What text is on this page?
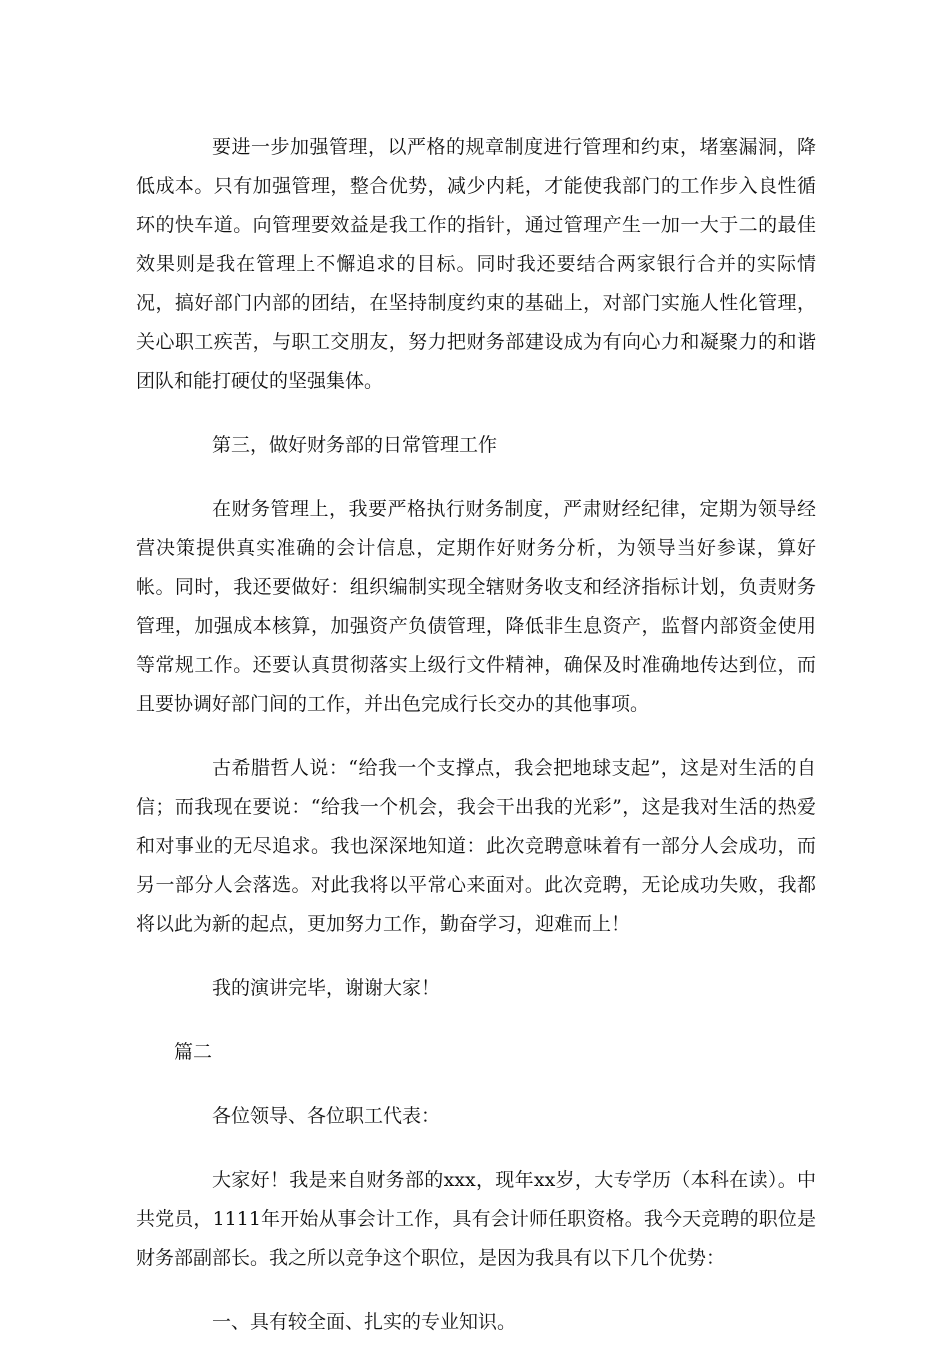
要进一步加强管理，以严格的规章制度进行管理和约束，堵塞漏洞，降低成本。只有加强管理，整合优势，减少内耗，才能使我部门的工作步入良性循环的快车道。向管理要效益是我工作的指针，通过管理产生一加一大于二的最佳效果则是我在管理上不懈追求的目标。同时我还要结合两家银行合并的实际情况，搞好部门内部的团结，在坚持制度约束的基础上，对部门实施人性化管理，关心职工疾苦，与职工交朋友，努力把财务部建设成为有向心力和凝聚力的和谐团队和能打硬仗的坚强集体。

第三，做好财务部的日常管理工作

在财务管理上，我要严格执行财务制度，严肃财经纪律，定期为领导经营决策提供真实准确的会计信息，定期作好财务分析，为领导当好参谋，算好帐。同时，我还要做好：组织编制实现全辖财务收支和经济指标计划，负责财务管理，加强成本核算，加强资产负债管理，降低非生息资产，监督内部资金使用等常规工作。还要认真贯彻落实上级行文件精神，确保及时准确地传达到位，而且要协调好部门间的工作，并出色完成行长交办的其他事项。

古希腊哲人说：“给我一个支撑点，我会把地球支起”，这是对生活的自信；而我现在要说：“给我一个机会，我会干出我的光彩”，这是我对生活的热爱和对事业的无尽追求。我也深深地知道：此次竞聘意味着有一部分人会成功，而另一部分人会落选。对此我将以平常心来面对。此次竞聘，无论成功失败，我都将以此为新的起点，更加努力工作，勤奋学习，迎难而上！

我的演讲完毕，谢谢大家！

篇二

各位领导、各位职工代表：

大家好！我是来自财务部的xxx，现年xx岁，大专学历（本科在读）。中共党员，1111年开始从事会计工作，具有会计师任职资格。我今天竞聘的职位是财务部副部长。我之所以竞争这个职位，是因为我具有以下几个优势：

一、具有较全面、扎实的专业知识。
